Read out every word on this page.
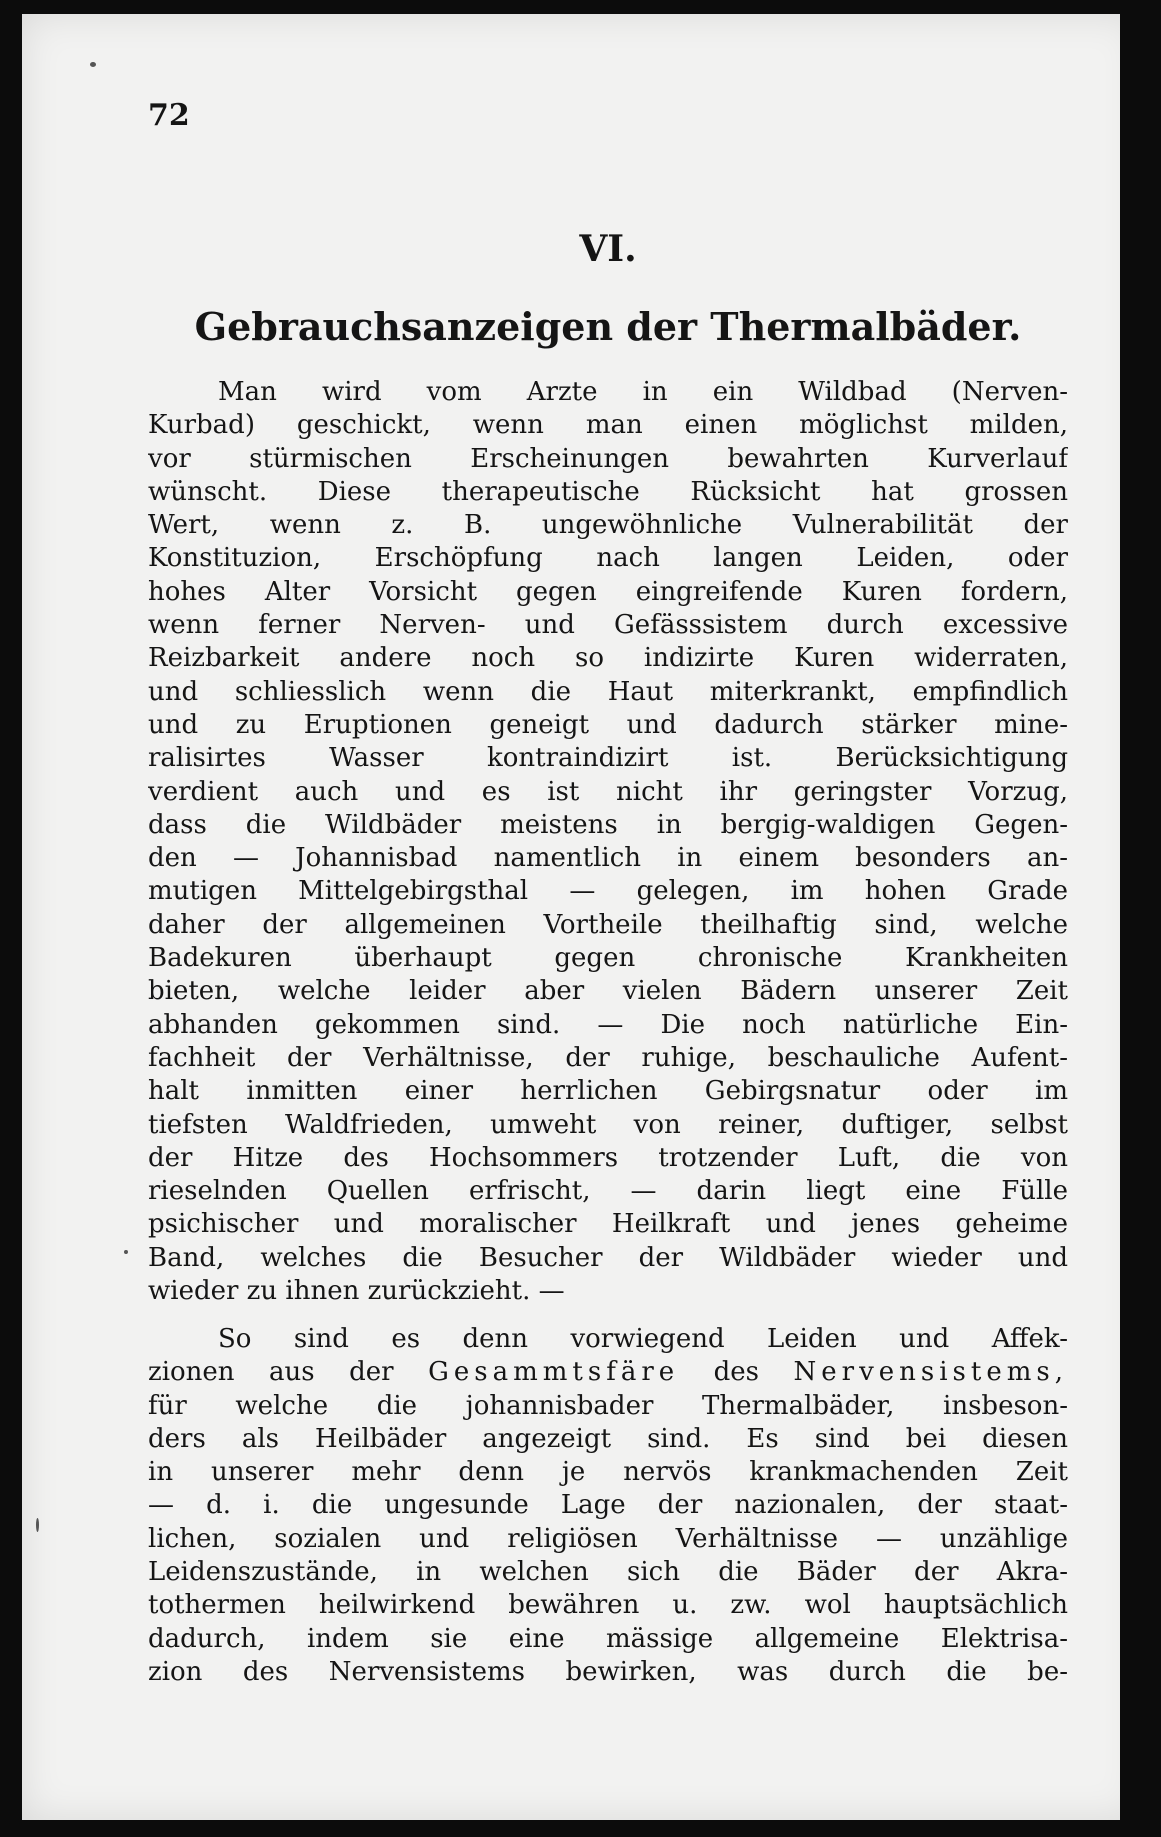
72
VI.
Gebrauchsanzeigen der Thermalbäder.
Man wird vom Arzte in ein Wildbad (Nerven-
Kurbad) geschickt, wenn man einen möglichst milden,
vor stürmischen Erscheinungen bewahrten Kurverlauf
wünscht. Diese therapeutische Rücksicht hat grossen
Wert, wenn z. B. ungewöhnliche Vulnerabilität der
Konstituzion, Erschöpfung nach langen Leiden, oder
hohes Alter Vorsicht gegen eingreifende Kuren fordern,
wenn ferner Nerven- und Gefässsistem durch excessive
Reizbarkeit andere noch so indizirte Kuren widerraten,
und schliesslich wenn die Haut miterkrankt, empfindlich
und zu Eruptionen geneigt und dadurch stärker mine-
ralisirtes Wasser kontraindizirt ist. Berücksichtigung
verdient auch und es ist nicht ihr geringster Vorzug,
dass die Wildbäder meistens in bergig-waldigen Gegen-
den — Johannisbad namentlich in einem besonders an-
mutigen Mittelgebirgsthal — gelegen, im hohen Grade
daher der allgemeinen Vortheile theilhaftig sind, welche
Badekuren überhaupt gegen chronische Krankheiten
bieten, welche leider aber vielen Bädern unserer Zeit
abhanden gekommen sind. — Die noch natürliche Ein-
fachheit der Verhältnisse, der ruhige, beschauliche Aufent-
halt inmitten einer herrlichen Gebirgsnatur oder im
tiefsten Waldfrieden, umweht von reiner, duftiger, selbst
der Hitze des Hochsommers trotzender Luft, die von
rieselnden Quellen erfrischt, — darin liegt eine Fülle
psichischer und moralischer Heilkraft und jenes geheime
Band, welches die Besucher der Wildbäder wieder und
wieder zu ihnen zurückzieht. —
So sind es denn vorwiegend Leiden und Affek-
zionen aus der Gesammtsfäre des Nervensistems,
für welche die johannisbader Thermalbäder, insbeson-
ders als Heilbäder angezeigt sind. Es sind bei diesen
in unserer mehr denn je nervös krankmachenden Zeit
— d. i. die ungesunde Lage der nazionalen, der staat-
lichen, sozialen und religiösen Verhältnisse — unzählige
Leidenszustände, in welchen sich die Bäder der Akra-
tothermen heilwirkend bewähren u. zw. wol hauptsächlich
dadurch, indem sie eine mässige allgemeine Elektrisa-
zion des Nervensistems bewirken, was durch die be-
